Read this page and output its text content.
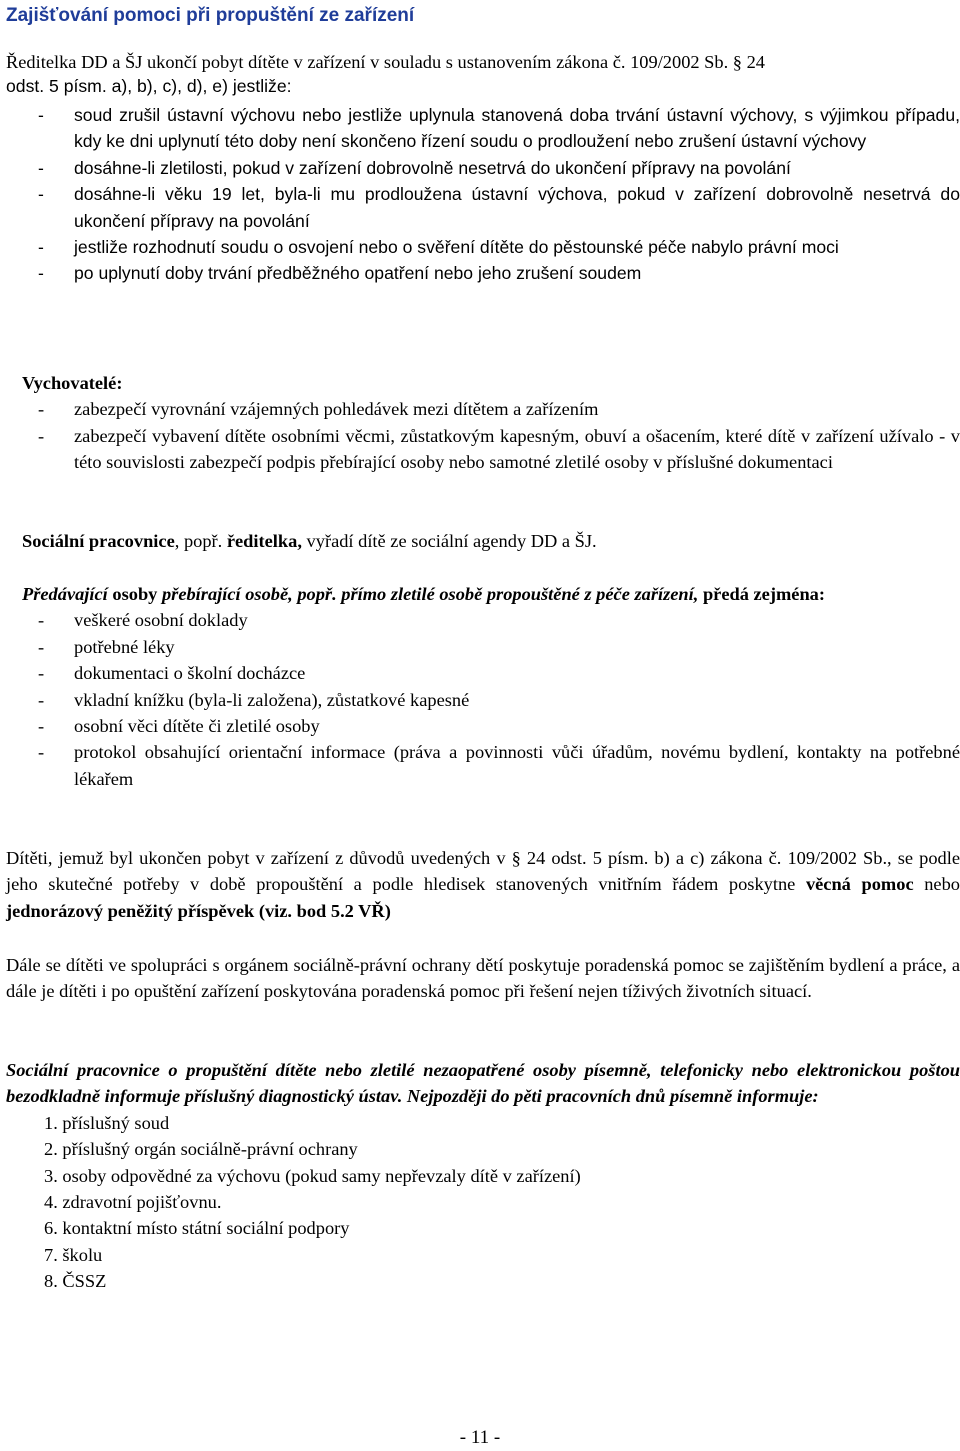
Zajišťování pomoci při propuštění ze zařízení
Ředitelka DD a ŠJ ukončí pobyt dítěte v zařízení v souladu s ustanovením zákona č. 109/2002 Sb. § 24
odst. 5 písm. a), b), c), d), e) jestliže:
- soud zrušil ústavní výchovu nebo jestliže uplynula stanovená doba trvání ústavní výchovy, s výjimkou případu, kdy ke dni uplynutí této doby není skončeno řízení soudu o prodloužení nebo zrušení ústavní výchovy
- dosáhne-li zletilosti, pokud v zařízení dobrovolně nesetrvá do ukončení přípravy na povolání
- dosáhne-li věku 19 let, byla-li mu prodloužena ústavní výchova, pokud v zařízení dobrovolně nesetrvá do ukončení přípravy na povolání
- jestliže rozhodnutí soudu o osvojení nebo o svěření dítěte do pěstounské péče nabylo právní moci
- po uplynutí doby trvání předběžného opatření nebo jeho zrušení soudem
Vychovatelé:
- zabezpečí vyrovnání vzájemných pohledávek mezi dítětem a zařízením
- zabezpečí vybavení dítěte osobními věcmi, zůstatkovým kapesným, obuví a ošacením, které dítě v zařízení užívalo - v této souvislosti zabezpečí podpis přebírající osoby nebo samotné zletilé osoby v příslušné dokumentaci
Sociální pracovnice, popř. ředitelka, vyřadí dítě ze sociální agendy DD a ŠJ.
Předávající osoby přebírající osobě, popř. přímo zletilé osobě propouštěné z péče zařízení, předá zejména:
- veškeré osobní doklady
- potřebné léky
- dokumentaci o školní docházce
- vkladní knížku (byla-li založena), zůstatkové kapesné
- osobní věci dítěte či zletilé osoby
- protokol obsahující orientační informace (práva a povinnosti vůči úřadům, novému bydlení, kontakty na potřebné lékařem
Dítěti, jemuž byl ukončen pobyt v zařízení z důvodů uvedených v § 24 odst. 5 písm. b) a c) zákona č. 109/2002 Sb., se podle jeho skutečné potřeby v době propouštění a podle hledisek stanovených vnitřním řádem poskytne věcná pomoc nebo jednorázový peněžitý příspěvek (viz. bod 5.2 VŘ)
Dále se dítěti ve spolupráci s orgánem sociálně-právní ochrany dětí poskytuje poradenská pomoc se zajištěním bydlení a práce, a dále je dítěti i po opuštění zařízení poskytována poradenská pomoc při řešení nejen tíživých životních situací.
Sociální pracovnice o propuštění dítěte nebo zletilé nezaopatřené osoby písemně, telefonicky nebo elektronickou poštou bezodkladně informuje příslušný diagnostický ústav. Nejpozději do pěti pracovních dnů písemně informuje:
1. příslušný soud
2. příslušný orgán sociálně-právní ochrany
3. osoby odpovědné za výchovu (pokud samy nepřevzaly dítě v zařízení)
4. zdravotní pojišťovnu.
6. kontaktní místo státní sociální podpory
7. školu
8. ČSSZ
- 11 -
